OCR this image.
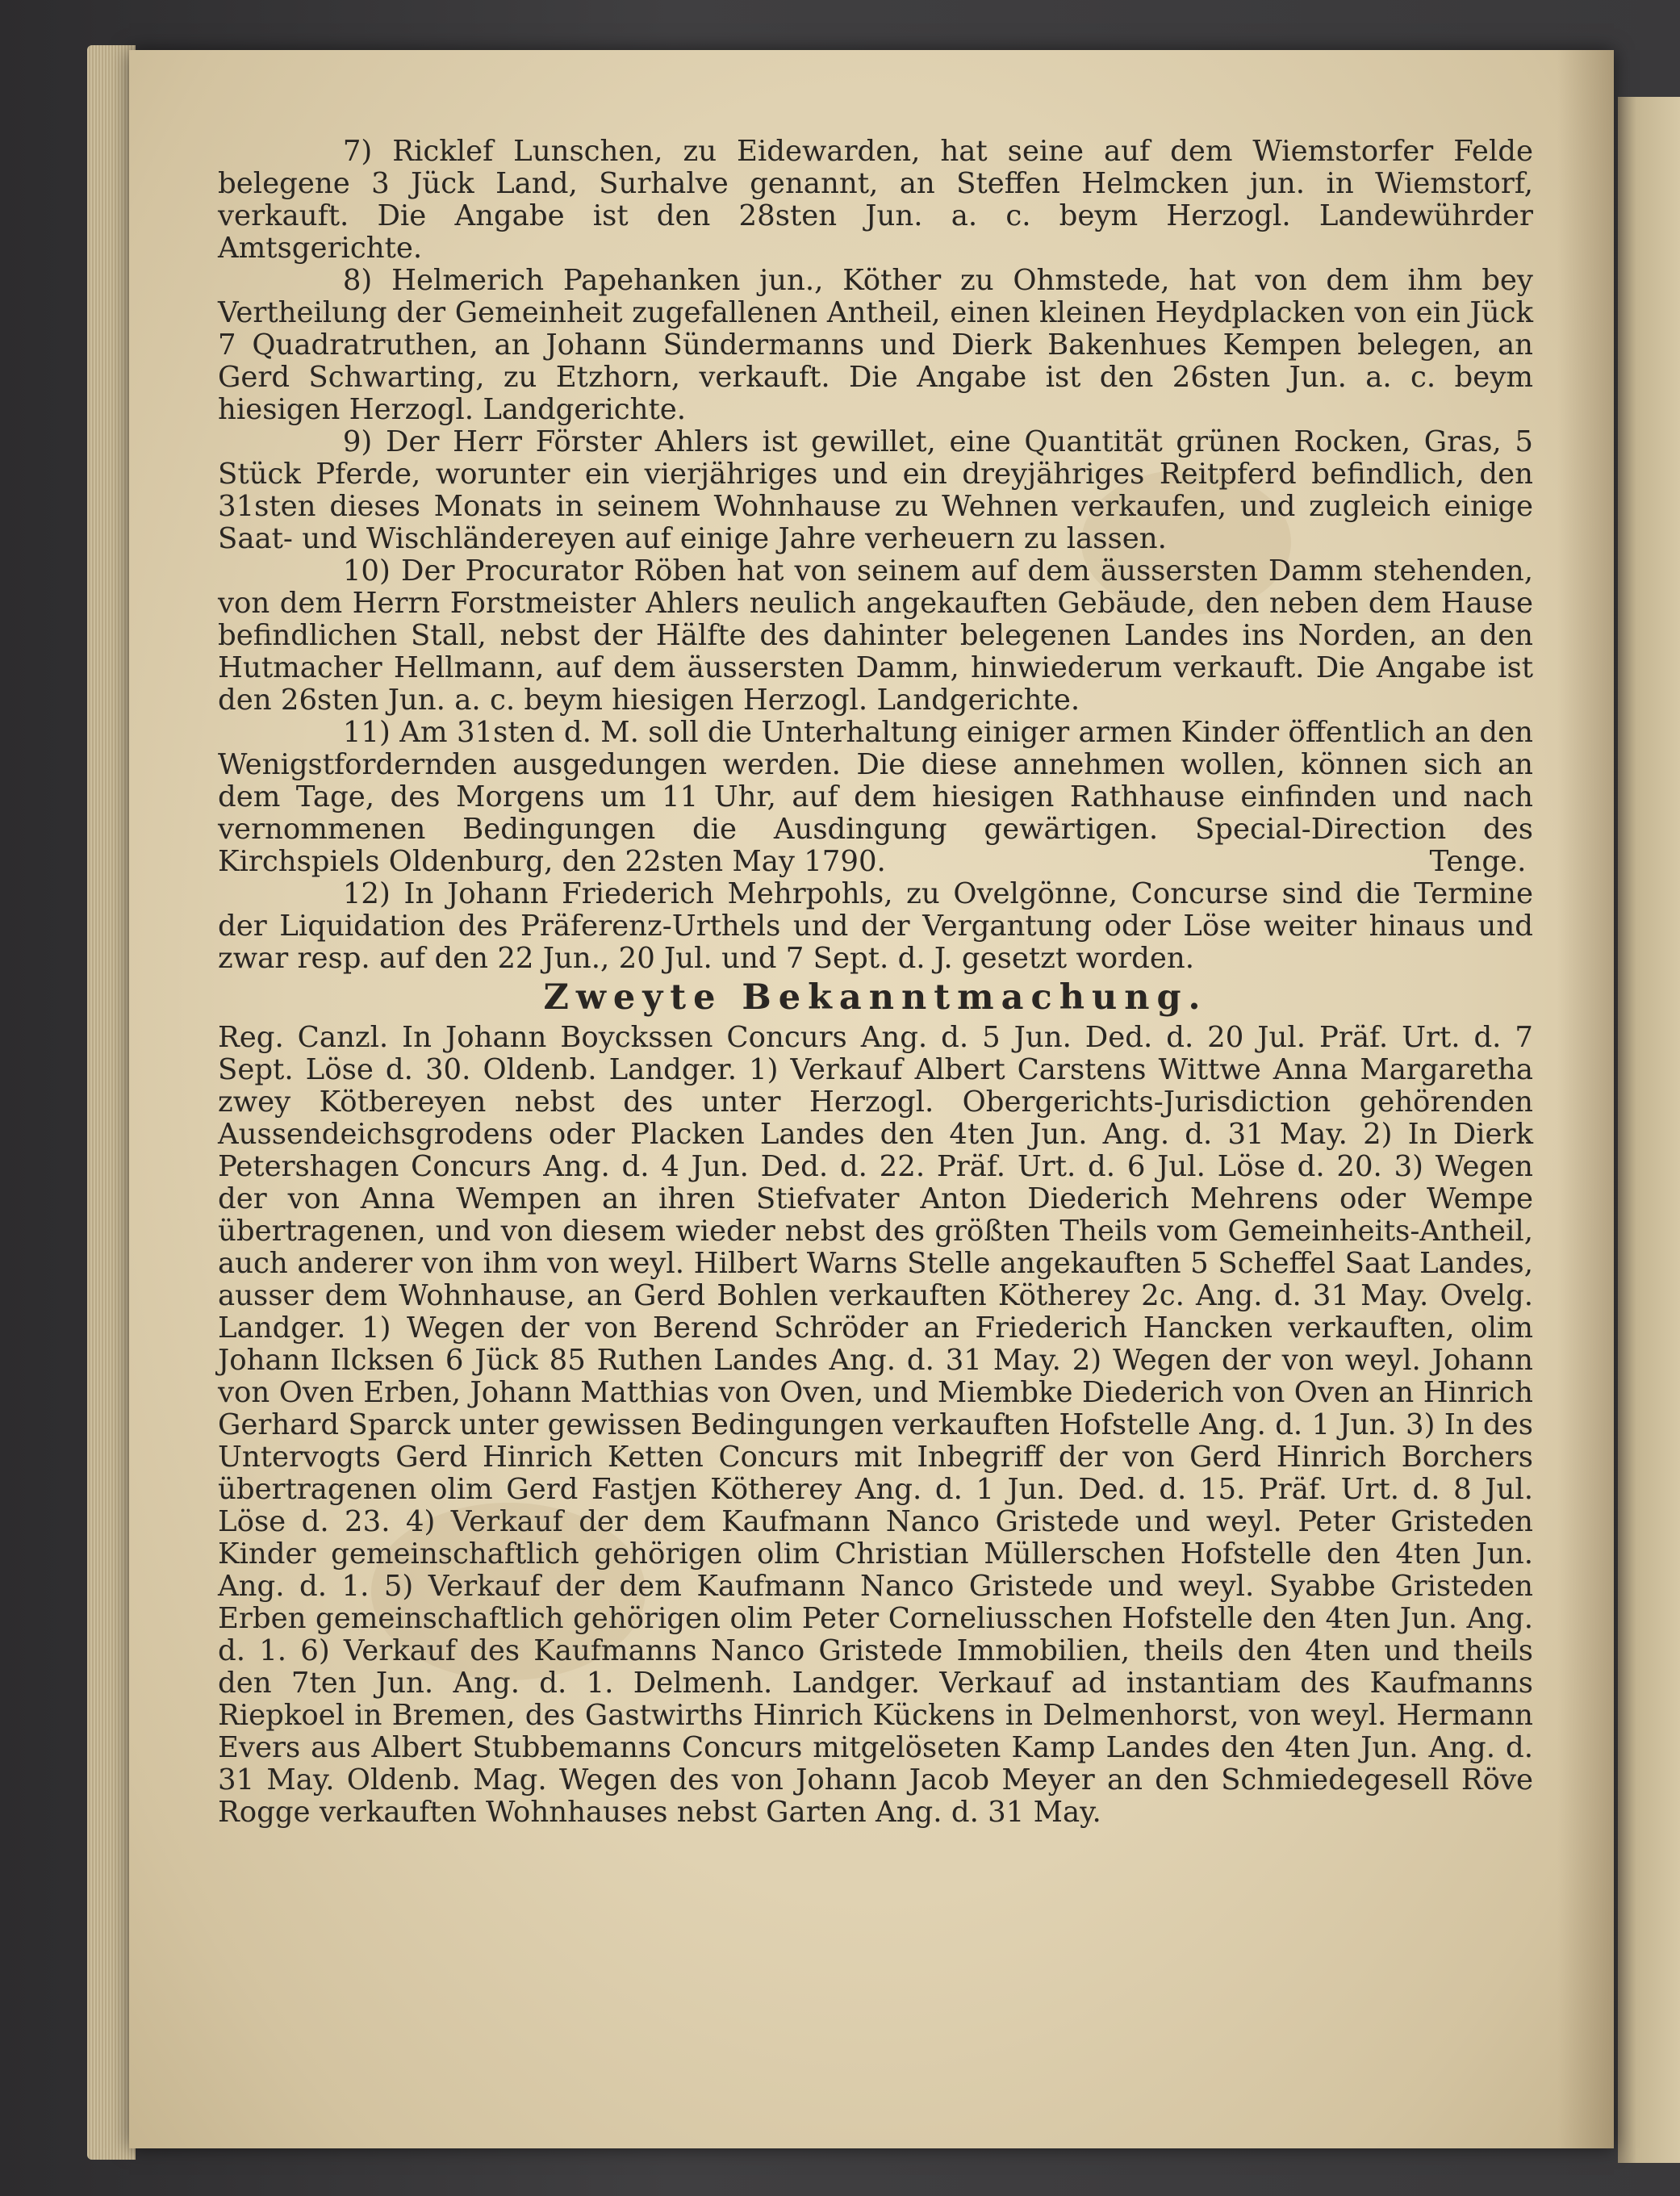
7) Ricklef Lunschen, zu Eidewarden, hat seine auf dem Wiemstorfer Felde belegene 3 Jück Land, Surhalve genannt, an Steffen Helmcken jun. in Wiemstorf, verkauft. Die Angabe ist den 28sten Jun. a. c. beym Herzogl. Landewührder Amtsgerichte.

8) Helmerich Papehanken jun., Köther zu Ohmstede, hat von dem ihm bey Vertheilung der Gemeinheit zugefallenen Antheil, einen kleinen Heydplacken von ein Jück 7 Quadratruthen, an Johann Sündermanns und Dierk Bakenhues Kempen belegen, an Gerd Schwarting, zu Etzhorn, verkauft. Die Angabe ist den 26sten Jun. a. c. beym hiesigen Herzogl. Landgerichte.

9) Der Herr Förster Ahlers ist gewillet, eine Quantität grünen Rocken, Gras, 5 Stück Pferde, worunter ein vierjähriges und ein dreyjähriges Reitpferd befindlich, den 31sten dieses Monats in seinem Wohnhause zu Wehnen verkaufen, und zugleich einige Saat- und Wischländereyen auf einige Jahre verheuern zu lassen.

10) Der Procurator Röben hat von seinem auf dem äussersten Damm stehenden, von dem Herrn Forstmeister Ahlers neulich angekauften Gebäude, den neben dem Hause befindlichen Stall, nebst der Hälfte des dahinter belegenen Landes ins Norden, an den Hutmacher Hellmann, auf dem äussersten Damm, hinwiederum verkauft. Die Angabe ist den 26sten Jun. a. c. beym hiesigen Herzogl. Landgerichte.

11) Am 31sten d. M. soll die Unterhaltung einiger armen Kinder öffentlich an den Wenigstfordernden ausgedungen werden. Die diese annehmen wollen, können sich an dem Tage, des Morgens um 11 Uhr, auf dem hiesigen Rathhause einfinden und nach vernommenen Bedingungen die Ausdingung gewärtigen. Special-Direction des Kirchspiels Oldenburg, den 22sten May 1790.	Tenge.

12) In Johann Friederich Mehrpohls, zu Ovelgönne, Concurse sind die Termine der Liquidation des Präferenz-Urthels und der Vergantung oder Löse weiter hinaus und zwar resp. auf den 22 Jun., 20 Jul. und 7 Sept. d. J. gesetzt worden.

Zweyte Bekanntmachung.
Reg. Canzl. In Johann Boyckssen Concurs Ang. d. 5 Jun. Ded. d. 20 Jul. Präf. Urt. d. 7 Sept. Löse d. 30. Oldenb. Landger. 1) Verkauf Albert Carstens Wittwe Anna Margaretha zwey Kötbereyen nebst des unter Herzogl. Obergerichts-Jurisdiction gehörenden Aussendeichsgrodens oder Placken Landes den 4ten Jun. Ang. d. 31 May. 2) In Dierk Petershagen Concurs Ang. d. 4 Jun. Ded. d. 22. Präf. Urt. d. 6 Jul. Löse d. 20. 3) Wegen der von Anna Wempen an ihren Stiefvater Anton Diederich Mehrens oder Wempe übertragenen, und von diesem wieder nebst des größten Theils vom Gemeinheits-Antheil, auch anderer von ihm von weyl. Hilbert Warns Stelle angekauften 5 Scheffel Saat Landes, ausser dem Wohnhause, an Gerd Bohlen verkauften Kötherey 2c. Ang. d. 31 May. Ovelg. Landger. 1) Wegen der von Berend Schröder an Friederich Hancken verkauften, olim Johann Ilcksen 6 Jück 85 Ruthen Landes Ang. d. 31 May. 2) Wegen der von weyl. Johann von Oven Erben, Johann Matthias von Oven, und Miembke Diederich von Oven an Hinrich Gerhard Sparck unter gewissen Bedingungen verkauften Hofstelle Ang. d. 1 Jun. 3) In des Untervogts Gerd Hinrich Ketten Concurs mit Inbegriff der von Gerd Hinrich Borchers übertragenen olim Gerd Fastjen Kötherey Ang. d. 1 Jun. Ded. d. 15. Präf. Urt. d. 8 Jul. Löse d. 23. 4) Verkauf der dem Kaufmann Nanco Gristede und weyl. Peter Gristeden Kinder gemeinschaftlich gehörigen olim Christian Müllerschen Hofstelle den 4ten Jun. Ang. d. 1. 5) Verkauf der dem Kaufmann Nanco Gristede und weyl. Syabbe Gristeden Erben gemeinschaftlich gehörigen olim Peter Corneliusschen Hofstelle den 4ten Jun. Ang. d. 1. 6) Verkauf des Kaufmanns Nanco Gristede Immobilien, theils den 4ten und theils den 7ten Jun. Ang. d. 1. Delmenh. Landger. Verkauf ad instantiam des Kaufmanns Riepkoel in Bremen, des Gastwirths Hinrich Kückens in Delmenhorst, von weyl. Hermann Evers aus Albert Stubbemanns Concurs mitgelöseten Kamp Landes den 4ten Jun. Ang. d. 31 May. Oldenb. Mag. Wegen des von Johann Jacob Meyer an den Schmiedegesell Röve Rogge verkauften Wohnhauses nebst Garten Ang. d. 31 May.
